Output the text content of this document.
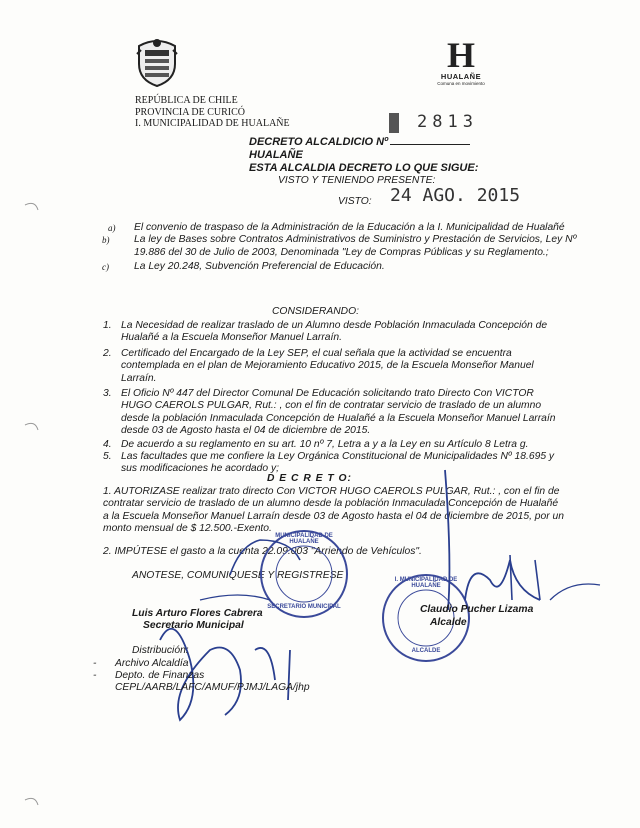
REPÚBLICA DE CHILE
PROVINCIA DE CURICÓ
I. MUNICIPALIDAD DE HUALAÑE
H
HUALAÑE
Comuna en movimiento
DECRETO ALCALDICIO Nº
HUALAÑE
ESTA ALCALDIA DECRETO LO QUE SIGUE:
2813
VISTO Y TENIENDO PRESENTE:
VISTO: 24 AGO. 2015
a) El convenio de traspaso de la Administración de la Educación a la I. Municipalidad de Hualañé
b) La ley de Bases sobre Contratos Administrativos de Suministro y Prestación de Servicios, Ley Nº 19.886 del 30 de Julio de 2003, Denominada "Ley de Compras Públicas y su Reglamento.;
c) La Ley 20.248, Subvención Preferencial de Educación.
CONSIDERANDO:
1. La Necesidad de realizar traslado de un Alumno desde Población Inmaculada Concepción de Hualañé a la Escuela Monseñor Manuel Larraín.
2. Certificado del Encargado de la Ley SEP, el cual señala que la actividad se encuentra contemplada en el plan de Mejoramiento Educativo 2015, de la Escuela Monseñor Manuel Larraín.
3. El Oficio Nº 447 del Director Comunal De Educación solicitando trato Directo Con VICTOR HUGO CAEROLS PULGAR, Rut.: , con el fin de contratar servicio de traslado de un alumno desde la población Inmaculada Concepción de Hualañé a la Escuela Monseñor Manuel Larraín desde 03 de Agosto hasta el 04 de diciembre de 2015.
4. De acuerdo a su reglamento en su art. 10 nº 7, Letra a y a la Ley en su Artículo 8 Letra g.
5. Las facultades que me confiere la Ley Orgánica Constitucional de Municipalidades Nº 18.695 y sus modificaciones he acordado y;
D E C R E T O:
1. AUTORIZASE realizar trato directo Con VICTOR HUGO CAEROLS PULGAR, Rut.: , con el fin de contratar servicio de traslado de un alumno desde la población Inmaculada Concepción de Hualañé a la Escuela Monseñor Manuel Larraín desde 03 de Agosto hasta el 04 de diciembre de 2015, por un monto mensual de $ 12.500.-Exento.
2. IMPÚTESE el gasto a la cuenta 22.09.003 "Arriendo de Vehículos".
ANOTESE, COMUNIQUESE Y REGISTRESE
MUNICIPALIDAD DE HUALAÑE
SECRETARIO MUNICIPAL
I. MUNICIPALIDAD DE HUALAÑE
ALCALDE
Luis Arturo Flores Cabrera
Secretario Municipal
Claudio Pucher Lizama
Alcalde
Distribución:
- Archivo Alcaldía
- Depto. de Finanzas
CEPL/AARB/LAFC/AMUF/PJMJ/LAGA/jhp
